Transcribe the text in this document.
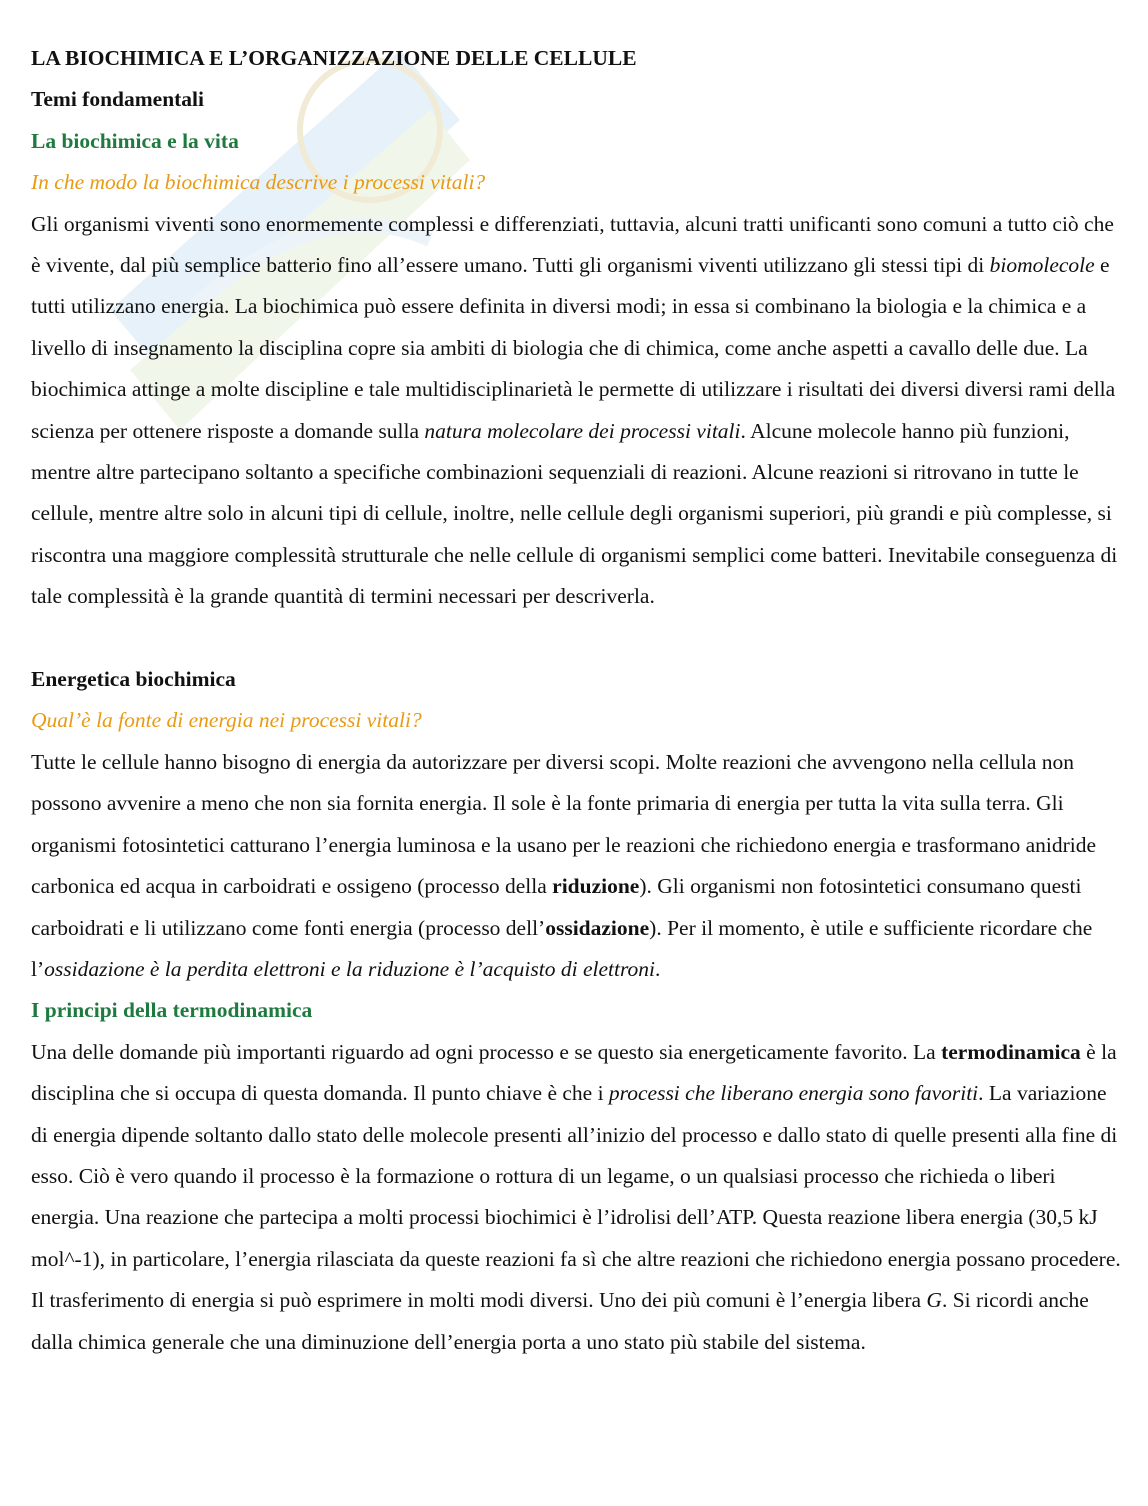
LA BIOCHIMICA E L’ORGANIZZAZIONE DELLE CELLULE
Temi fondamentali
La biochimica e la vita
In che modo la biochimica descrive i processi vitali?

Gli organismi viventi sono enormemente complessi e differenziati, tuttavia, alcuni tratti unificanti sono comuni a tutto ciò che è vivente, dal più semplice batterio fino all’essere umano. Tutti gli organismi viventi utilizzano gli stessi tipi di biomolecole e tutti utilizzano energia. La biochimica può essere definita in diversi modi; in essa si combinano la biologia e la chimica e a livello di insegnamento la disciplina copre sia ambiti di biologia che di chimica, come anche aspetti a cavallo delle due. La biochimica attinge a molte discipline e tale multidisciplinarietà le permette di utilizzare i risultati dei diversi diversi rami della scienza per ottenere risposte a domande sulla natura molecolare dei processi vitali. Alcune molecole hanno più funzioni, mentre altre partecipano soltanto a specifiche combinazioni sequenziali di reazioni. Alcune reazioni si ritrovano in tutte le cellule, mentre altre solo in alcuni tipi di cellule, inoltre, nelle cellule degli organismi superiori, più grandi e più complesse, si riscontra una maggiore complessità strutturale che nelle cellule di organismi semplici come batteri. Inevitabile conseguenza di tale complessità è la grande quantità di termini necessari per descriverla.

Energetica biochimica
Qual’è la fonte di energia nei processi vitali?

Tutte le cellule hanno bisogno di energia da autorizzare per diversi scopi. Molte reazioni che avvengono nella cellula non possono avvenire a meno che non sia fornita energia. Il sole è la fonte primaria di energia per tutta la vita sulla terra. Gli organismi fotosintetici catturano l’energia luminosa e la usano per le reazioni che richiedono energia e trasformano anidride carbonica ed acqua in carboidrati e ossigeno (processo della riduzione). Gli organismi non fotosintetici consumano questi carboidrati e li utilizzano come fonti energia (processo dell’ossidazione). Per il momento, è utile e sufficiente ricordare che l’ossidazione è la perdita elettroni e la riduzione è l’acquisto di elettroni.

I principi della termodinamica

Una delle domande più importanti riguardo ad ogni processo e se questo sia energeticamente favorito. La termodinamica è la disciplina che si occupa di questa domanda. Il punto chiave è che i processi che liberano energia sono favoriti. La variazione di energia dipende soltanto dallo stato delle molecole presenti all’inizio del processo e dallo stato di quelle presenti alla fine di esso. Ciò è vero quando il processo è la formazione o rottura di un legame, o un qualsiasi processo che richieda o liberi energia. Una reazione che partecipa a molti processi biochimici è l’idrolisi dell’ATP. Questa reazione libera energia (30,5 kJ mol^-1), in particolare, l’energia rilasciata da queste reazioni fa sì che altre reazioni che richiedono energia possano procedere. Il trasferimento di energia si può esprimere in molti modi diversi. Uno dei più comuni è l’energia libera G. Si ricordi anche dalla chimica generale che una diminuzione dell’energia porta a uno stato più stabile del sistema.
